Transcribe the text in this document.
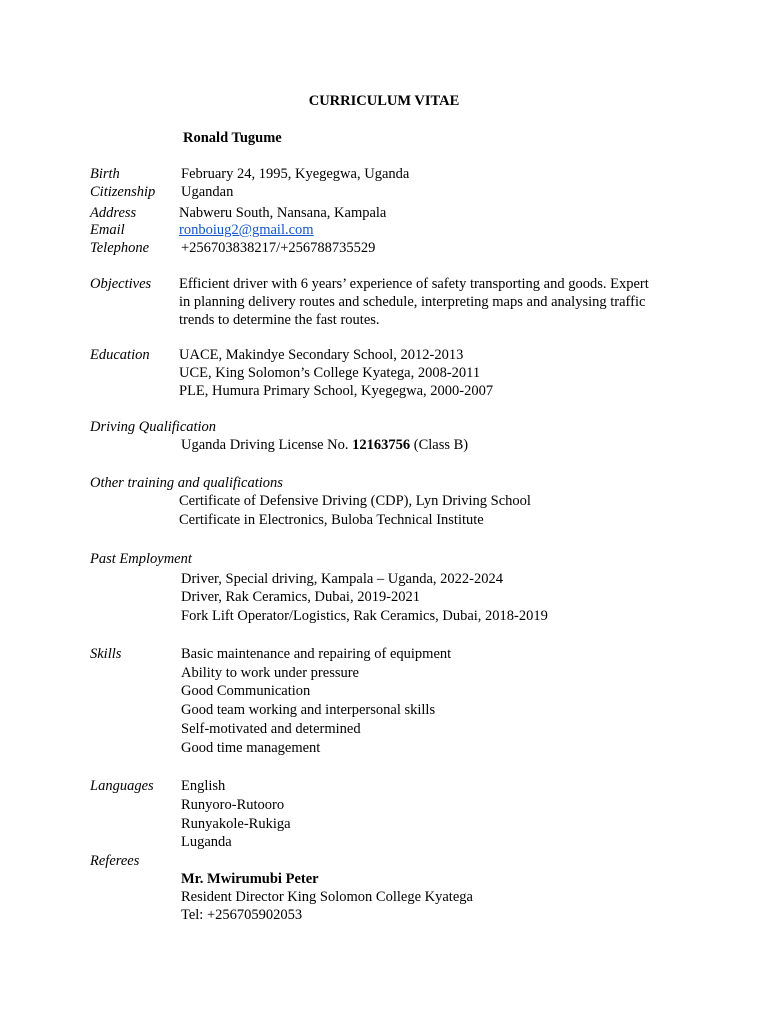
CURRICULUM VITAE
Ronald Tugume
Birth	February 24, 1995, Kyegegwa, Uganda
Citizenship Ugandan
Address	Nabweru South, Nansana, Kampala
Email	ronboiug2@gmail.com
Telephone +256703838217/+256788735529
Objectives Efficient driver with 6 years’ experience of safety transporting and goods. Expert
in planning delivery routes and schedule, interpreting maps and analysing traffic
trends to determine the fast routes.
Education UACE, Makindye Secondary School, 2012-2013
UCE, King Solomon’s College Kyatega, 2008-2011
PLE, Humura Primary School, Kyegegwa, 2000-2007
Driving Qualification
Uganda Driving License No. 12163756 (Class B)
Other training and qualifications
Certificate of Defensive Driving (CDP), Lyn Driving School
Certificate in Electronics, Buloba Technical Institute
Past Employment
Driver, Special driving, Kampala – Uganda, 2022-2024
Driver, Rak Ceramics, Dubai, 2019-2021
Fork Lift Operator/Logistics, Rak Ceramics, Dubai, 2018-2019
Skills	Basic maintenance and repairing of equipment
Ability to work under pressure
Good Communication
Good team working and interpersonal skills
Self-motivated and determined
Good time management
Languages English
Runyoro-Rutooro
Runyakole-Rukiga
Luganda
Referees
Mr. Mwirumubi Peter
Resident Director King Solomon College Kyatega
Tel: +256705902053
